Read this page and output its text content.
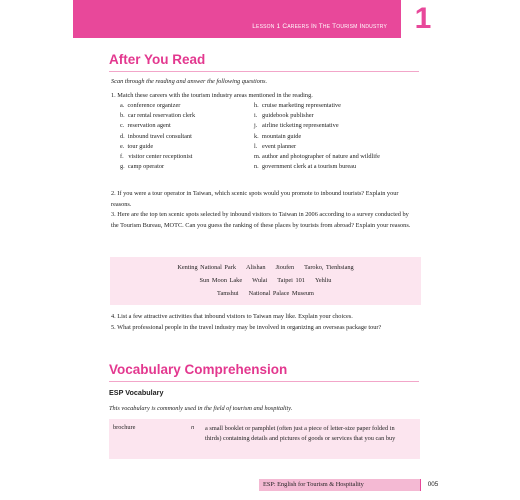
Lesson 1 Careers In The Tourism Industry 1
After You Read
Scan through the reading and answer the following questions.
1. Match these careers with the tourism industry areas mentioned in the reading.
a.  conference organizer	h.  cruise marketing representative
b.  car rental reservation clerk	i.   guidebook publisher
c.  reservation agent	j.   airline ticketing representative
d.  inbound travel consultant	k.  mountain guide
e.  tour guide	l.   event planner
f.   visitor center receptionist	m. author and photographer of nature and wildlife
g.  camp operator	n.  government clerk at a tourism bureau
2. If you were a tour operator in Taiwan, which scenic spots would you promote to inbound tourists? Explain your reasons.
3. Here are the top ten scenic spots selected by inbound visitors to Taiwan in 2006 according to a survey conducted by the Tourism Bureau, MOTC. Can you guess the ranking of these places by tourists from abroad? Explain your reasons.
Kenting National Park Alishan Jioufen Taroko, Tienhsiang
Sun Moon Lake Wulai Taipei 101 Yehliu
Tamshui National Palace Museum
4. List a few attractive activities that inbound visitors to Taiwan may like. Explain your choices.
5. What professional people in the travel industry may be involved in organizing an overseas package tour?
Vocabulary Comprehension
ESP Vocabulary
This vocabulary is commonly used in the field of tourism and hospitality.
brochure	n a small booklet or pamphlet (often just a piece of letter-size paper folded in thirds) containing details and pictures of goods or services that you can buy
ESP: English for Tourism & Hospitality	005
